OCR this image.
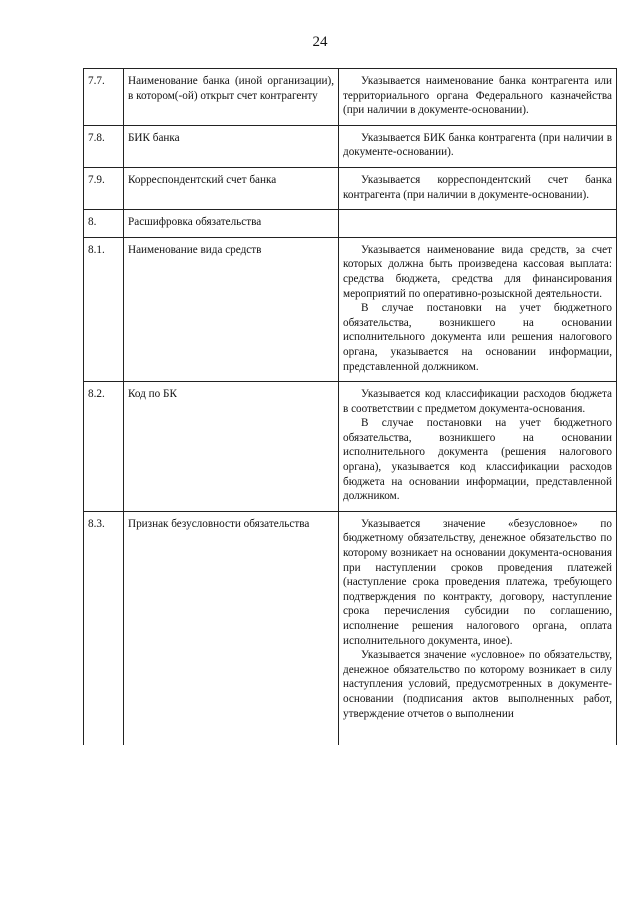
24
7.7.	Наименование банка (иной организации), в котором(-ой) открыт счет контрагенту	Указывается наименование банка контрагента или территориального органа Федерального казначейства (при наличии в документе-основании).

7.8.	БИК банка	Указывается БИК банка контрагента (при наличии в документе-основании).

7.9.	Корреспондентский счет банка	Указывается корреспондентский счет банка контрагента (при наличии в документе-основании).

8.	Расшифровка обязательства	

8.1.	Наименование вида средств	Указывается наименование вида средств, за счет которых должна быть произведена кассовая выплата: средства бюджета, средства для финансирования мероприятий по оперативно-розыскной деятельности.

В случае постановки на учет бюджетного обязательства, возникшего на основании исполнительного документа или решения налогового органа, указывается на основании информации, представленной должником.

8.2.	Код по БК	Указывается код классификации расходов бюджета в соответствии с предметом документа-основания.

В случае постановки на учет бюджетного обязательства, возникшего на основании исполнительного документа (решения налогового органа), указывается код классификации расходов бюджета на основании информации, представленной должником.

8.3.	Признак безусловности обязательства	Указывается значение «безусловное» по бюджетному обязательству, денежное обязательство по которому возникает на основании документа-основания при наступлении сроков проведения платежей (наступление срока проведения платежа, требующего подтверждения по контракту, договору, наступление срока перечисления субсидии по соглашению, исполнение решения налогового органа, оплата исполнительного документа, иное).

Указывается значение «условное» по обязательству, денежное обязательство по которому возникает в силу наступления условий, предусмотренных в документе-основании (подписания актов выполненных работ, утверждение отчетов о выполнении
